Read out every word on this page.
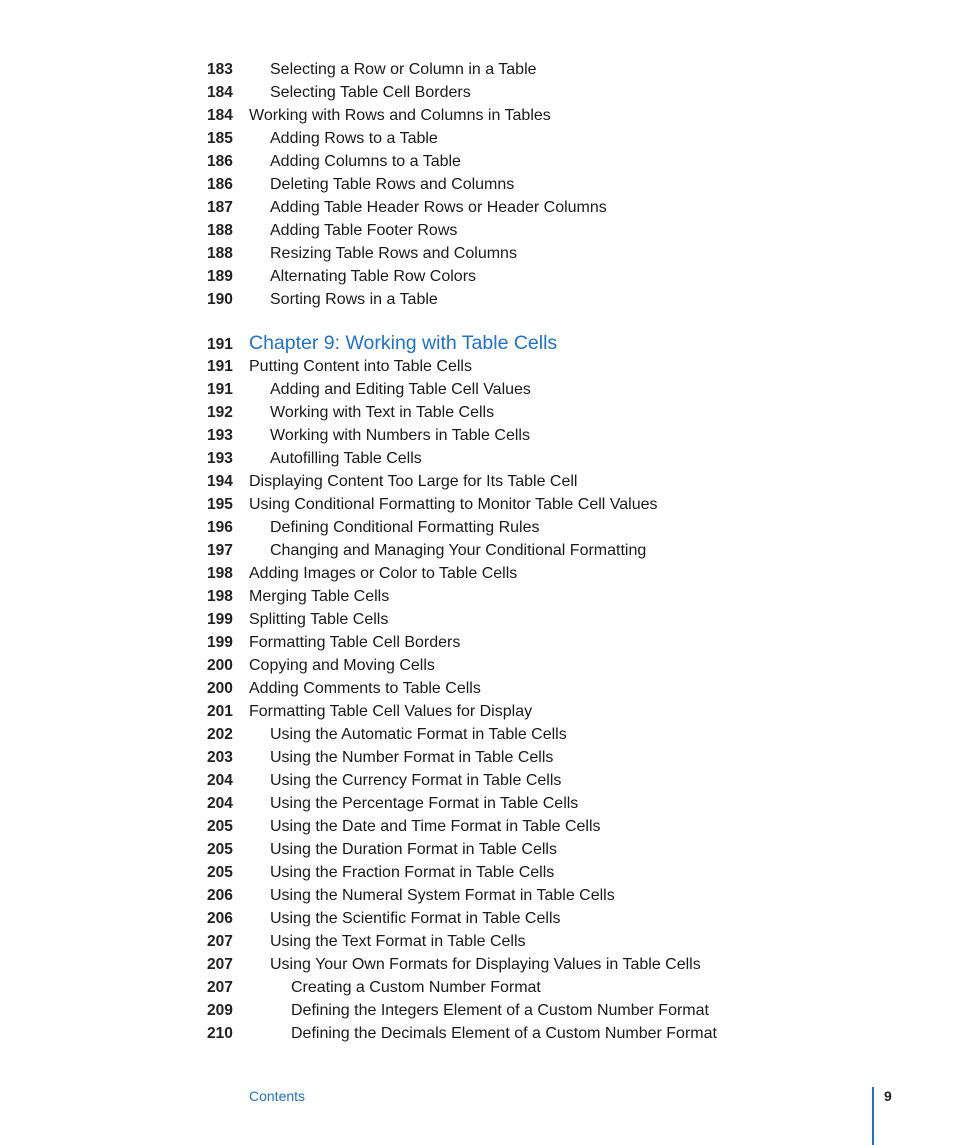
183 Selecting a Row or Column in a Table
184 Selecting Table Cell Borders
184 Working with Rows and Columns in Tables
185 Adding Rows to a Table
186 Adding Columns to a Table
186 Deleting Table Rows and Columns
187 Adding Table Header Rows or Header Columns
188 Adding Table Footer Rows
188 Resizing Table Rows and Columns
189 Alternating Table Row Colors
190 Sorting Rows in a Table
191 Chapter 9: Working with Table Cells
191 Putting Content into Table Cells
191 Adding and Editing Table Cell Values
192 Working with Text in Table Cells
193 Working with Numbers in Table Cells
193 Autofilling Table Cells
194 Displaying Content Too Large for Its Table Cell
195 Using Conditional Formatting to Monitor Table Cell Values
196 Defining Conditional Formatting Rules
197 Changing and Managing Your Conditional Formatting
198 Adding Images or Color to Table Cells
198 Merging Table Cells
199 Splitting Table Cells
199 Formatting Table Cell Borders
200 Copying and Moving Cells
200 Adding Comments to Table Cells
201 Formatting Table Cell Values for Display
202 Using the Automatic Format in Table Cells
203 Using the Number Format in Table Cells
204 Using the Currency Format in Table Cells
204 Using the Percentage Format in Table Cells
205 Using the Date and Time Format in Table Cells
205 Using the Duration Format in Table Cells
205 Using the Fraction Format in Table Cells
206 Using the Numeral System Format in Table Cells
206 Using the Scientific Format in Table Cells
207 Using the Text Format in Table Cells
207 Using Your Own Formats for Displaying Values in Table Cells
207	Creating a Custom Number Format
209	Defining the Integers Element of a Custom Number Format
210	Defining the Decimals Element of a Custom Number Format
Contents	9
